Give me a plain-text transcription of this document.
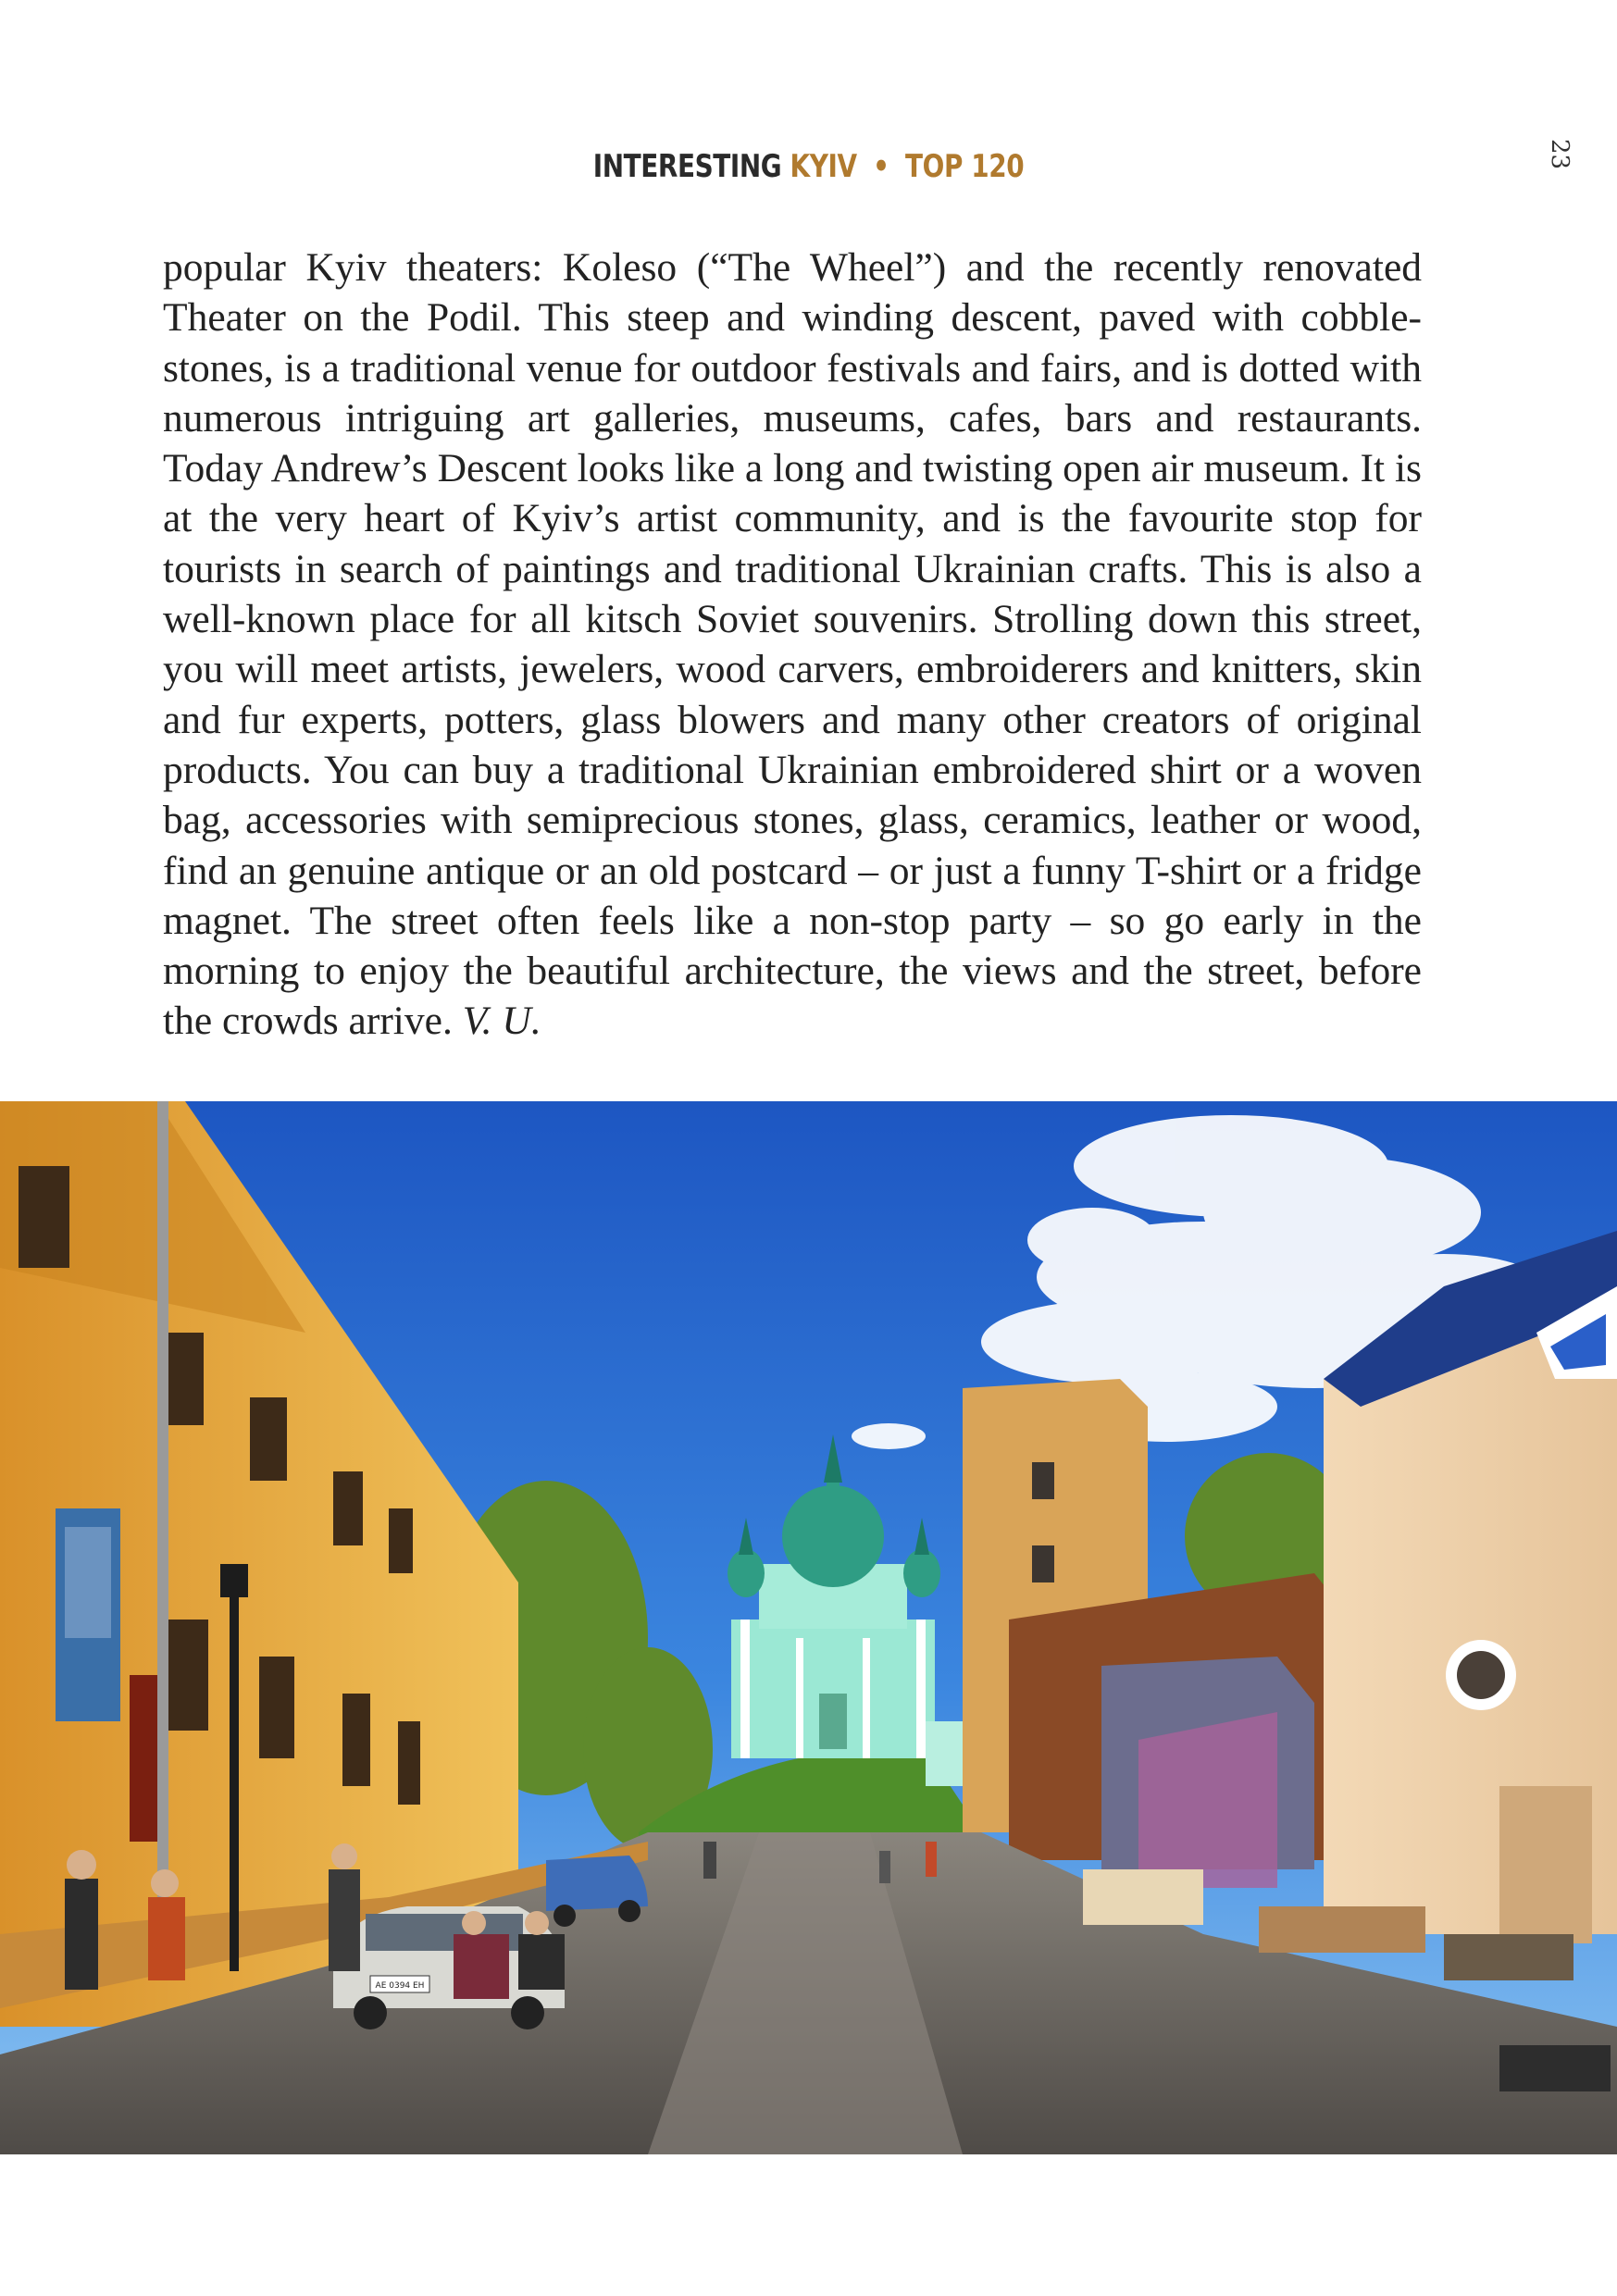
INTERESTING KYIV • TOP 120	23

popular Kyiv theaters: Koleso (“The Wheel”) and the recently renovated Theater on the Podil. This steep and winding descent, paved with cobblestones, is a traditional venue for outdoor festivals and fairs, and is dotted with numerous intriguing art galleries, museums, cafes, bars and restaurants. Today Andrew’s Descent looks like a long and twisting open air museum. It is at the very heart of Kyiv’s artist community, and is the favourite stop for tourists in search of paintings and traditional Ukrainian crafts. This is also a well-known place for all kitsch Soviet souvenirs. Strolling down this street, you will meet artists, jewelers, wood carvers, embroiderers and knitters, skin and fur experts, potters, glass blowers and many other creators of original products. You can buy a traditional Ukrainian embroidered shirt or a woven bag, accessories with semiprecious stones, glass, ceramics, leather or wood, find an genuine antique or an old postcard – or just a funny T-shirt or a fridge magnet. The street often feels like a non-stop party – so go early in the morning to enjoy the beautiful architecture, the views and the street, before the crowds arrive. V. U.

АЕ 0394 ЕН
